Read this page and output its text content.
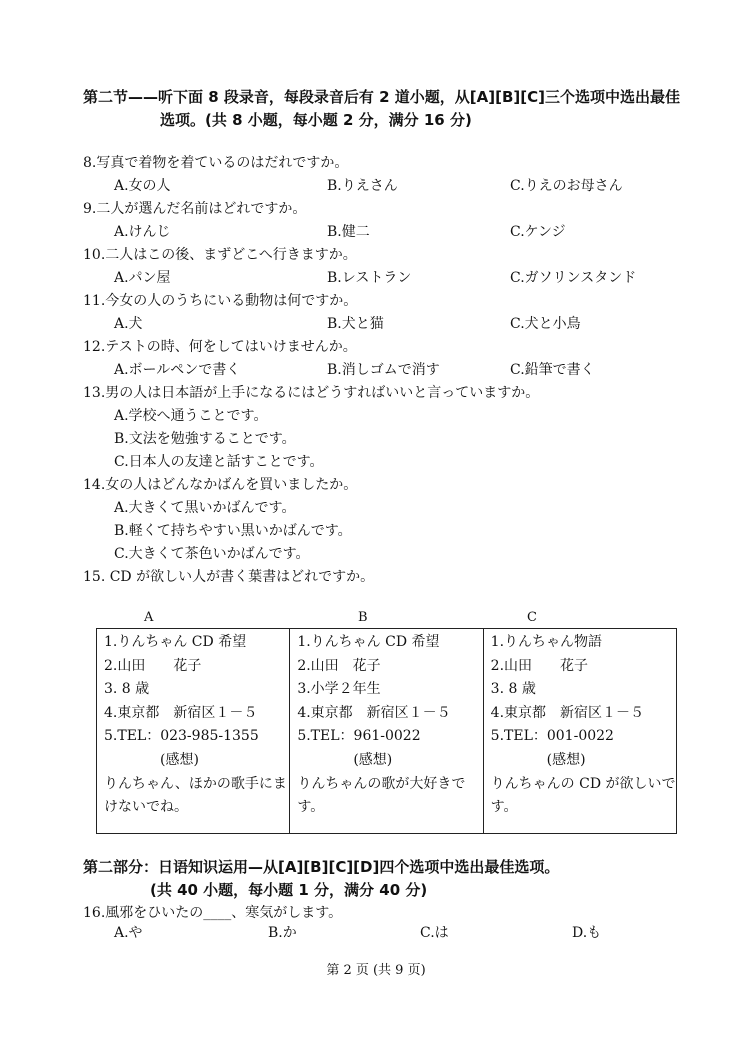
第二节——听下面 8 段录音，每段录音后有 2 道小题，从[A][B][C]三个选项中选出最佳
选项。(共 8 小题，每小题 2 分，满分 16 分)
8.写真で着物を着ているのはだれですか。
A.女の人	B.りえさん	C.りえのお母さん
9.二人が選んだ名前はどれですか。
A.けんじ	B.健二	C.ケンジ
10.二人はこの後、まずどこへ行きますか。
A.パン屋	B.レストラン	C.ガソリンスタンド
11.今女の人のうちにいる動物は何ですか。
A.犬	B.犬と猫	C.犬と小鳥
12.テストの時、何をしてはいけませんか。
A.ボールペンで書く	B.消しゴムで消す	C.鉛筆で書く
13.男の人は日本語が上手になるにはどうすればいいと言っていますか。
A.学校へ通うことです。
B.文法を勉強することです。
C.日本人の友達と話すことです。
14.女の人はどんなかばんを買いましたか。
A.大きくて黒いかばんです。
B.軽くて持ちやすい黒いかばんです。
C.大きくて茶色いかばんです。
15. CD が欲しい人が書く葉書はどれですか。
A	B	C
1.りんちゃん CD 希望
2.山田　　花子
3. 8 歳
4.東京都　新宿区１－５
5.TEL：023-985-1355
(感想)
りんちゃん、ほかの歌手にまけないでね。

1.りんちゃん CD 希望
2.山田　花子
3.小学２年生
4.東京都　新宿区１－５
5.TEL：961-0022
(感想)
りんちゃんの歌が大好きです。

1.りんちゃん物語
2.山田　　花子
3. 8 歳
4.東京都　新宿区１－５
5.TEL：001-0022
(感想)
りんちゃんの CD が欲しいです。
第二部分：日语知识运用—从[A][B][C][D]四个选项中选出最佳选项。
(共 40 小题，每小题 1 分，满分 40 分)
16.風邪をひいたの____、寒気がします。
A.や	B.か	C.は	D.も
第 2 页 (共 9 页)
